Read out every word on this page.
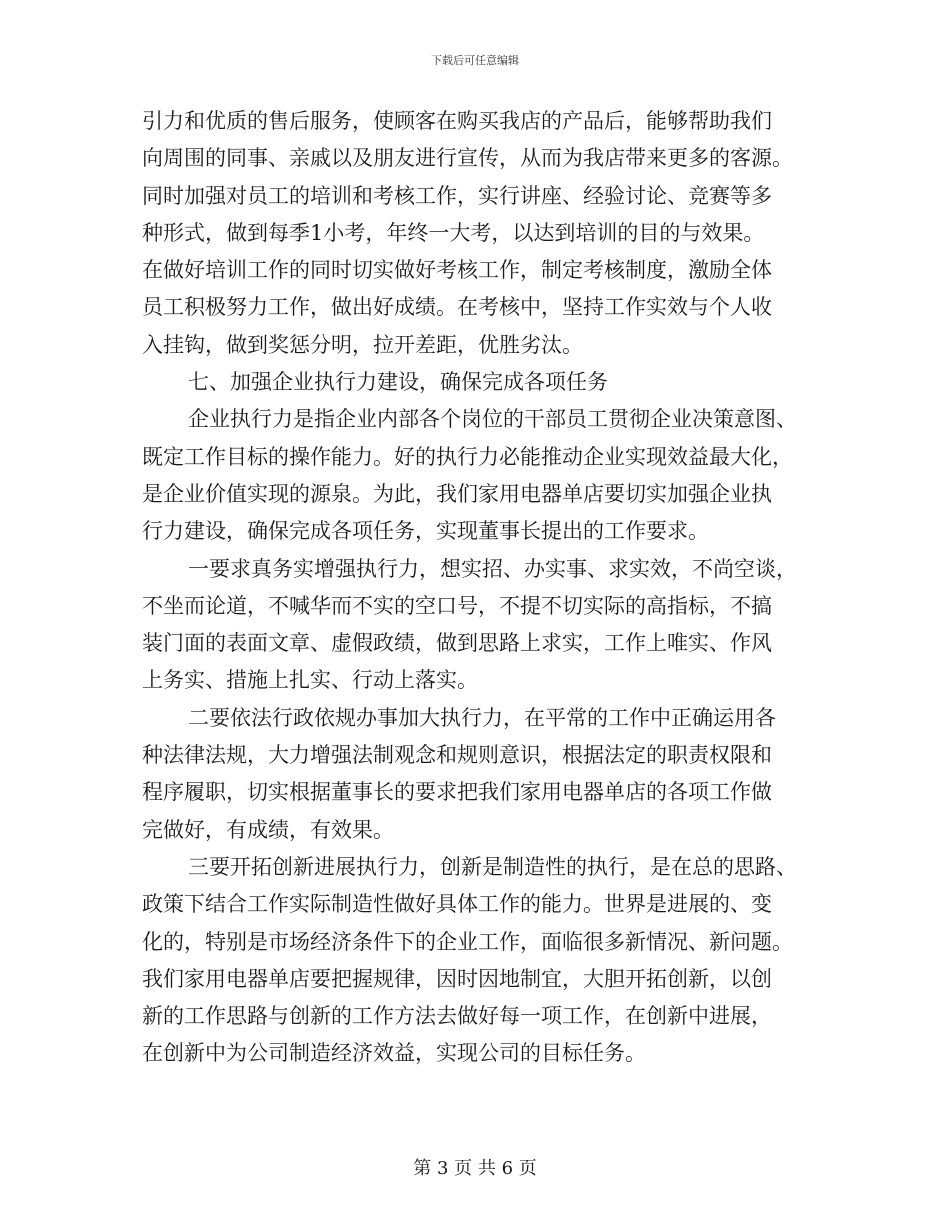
下载后可任意编辑
引力和优质的售后服务，使顾客在购买我店的产品后，能够帮助我们
向周围的同事、亲戚以及朋友进行宣传，从而为我店带来更多的客源。
同时加强对员工的培训和考核工作，实行讲座、经验讨论、竞赛等多
种形式，做到每季1小考，年终一大考，以达到培训的目的与效果。
在做好培训工作的同时切实做好考核工作，制定考核制度，激励全体
员工积极努力工作，做出好成绩。在考核中，坚持工作实效与个人收
入挂钩，做到奖惩分明，拉开差距，优胜劣汰。
七、加强企业执行力建设，确保完成各项任务
企业执行力是指企业内部各个岗位的干部员工贯彻企业决策意图、
既定工作目标的操作能力。好的执行力必能推动企业实现效益最大化，
是企业价值实现的源泉。为此，我们家用电器单店要切实加强企业执
行力建设，确保完成各项任务，实现董事长提出的工作要求。
一要求真务实增强执行力，想实招、办实事、求实效，不尚空谈，
不坐而论道，不喊华而不实的空口号，不提不切实际的高指标，不搞
装门面的表面文章、虚假政绩，做到思路上求实，工作上唯实、作风
上务实、措施上扎实、行动上落实。
二要依法行政依规办事加大执行力，在平常的工作中正确运用各
种法律法规，大力增强法制观念和规则意识，根据法定的职责权限和
程序履职，切实根据董事长的要求把我们家用电器单店的各项工作做
完做好，有成绩，有效果。
三要开拓创新进展执行力，创新是制造性的执行，是在总的思路、
政策下结合工作实际制造性做好具体工作的能力。世界是进展的、变
化的，特别是市场经济条件下的企业工作，面临很多新情况、新问题。
我们家用电器单店要把握规律，因时因地制宜，大胆开拓创新，以创
新的工作思路与创新的工作方法去做好每一项工作，在创新中进展，
在创新中为公司制造经济效益，实现公司的目标任务。
第 3 页 共 6 页
